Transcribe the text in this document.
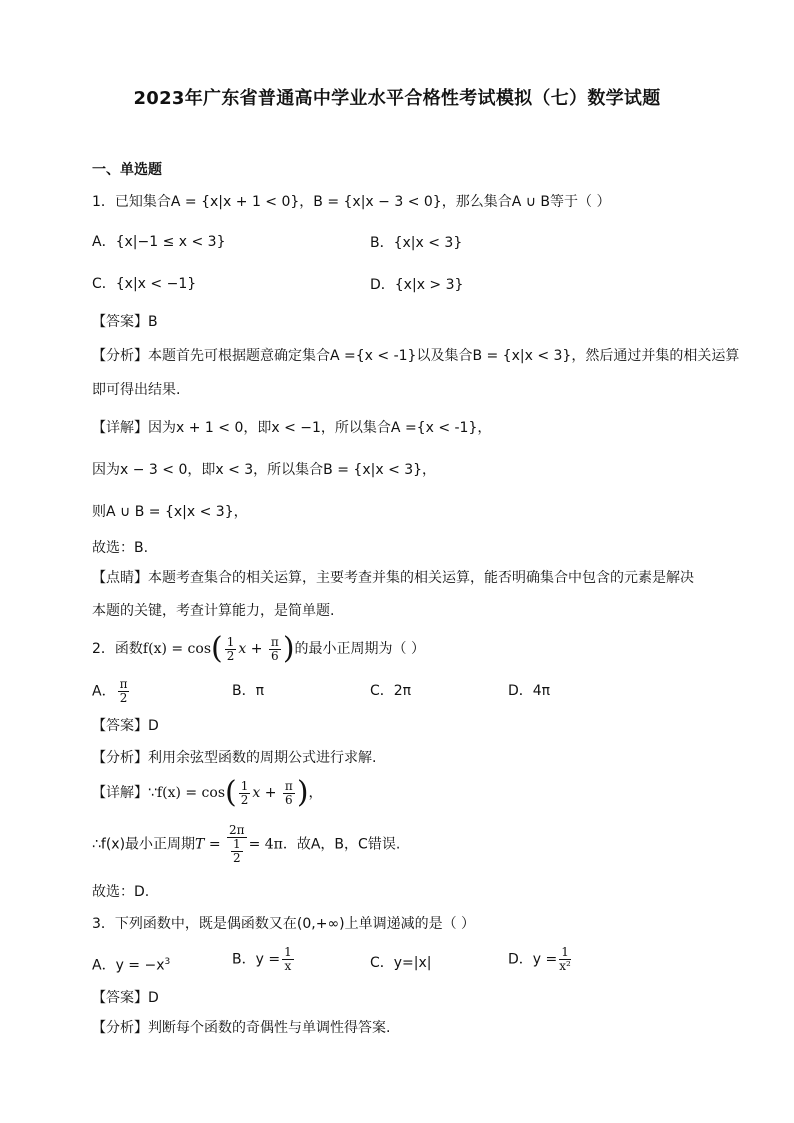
2023年广东省普通高中学业水平合格性考试模拟（七）数学试题
一、单选题
1．已知集合A = {x|x + 1 < 0}，B = {x|x − 3 < 0}，那么集合A ∪ B等于（ ）
A．{x|−1 ≤ x < 3}	B．{x|x < 3}
C．{x|x < −1}	D．{x|x > 3}
【答案】B
【分析】本题首先可根据题意确定集合A ={x < -1}以及集合B = {x|x < 3}，然后通过并集的相关运算
即可得出结果.
【详解】因为x + 1 < 0，即x < −1，所以集合A ={x < -1}，
因为x − 3 < 0，即x < 3，所以集合B = {x|x < 3}，
则A ∪ B = {x|x < 3}，
故选：B.
【点睛】本题考查集合的相关运算，主要考查并集的相关运算，能否明确集合中包含的元素是解决
本题的关键，考查计算能力，是简单题.
2．函数$f(x) = \cos( \frac{1}{2}$ $x + \frac{\pi}{6}$ )的最小正周期为（ ）
A． $\frac{\pi}{2}$	B．π	C．2π	D．4π
【答案】D
【分析】利用余弦型函数的周期公式进行求解.
【详解】∵f(x) = $\cos( \frac{1}{2}$ $x + \frac{\pi}{6}$ )，
∴f(x)最小正周期$T = \frac{2\pi}{\frac{1}{2}} = 4\pi$．故A，B，C错误.
故选：D.
3．下列函数中，既是偶函数又在(0,+∞)上单调递减的是（ ）
A．$y = -x^3$	B．$y = \frac{1}{x}$	C．y=|x|	D．$y = \frac{1}{\text{x²}}$
【答案】D
【分析】判断每个函数的奇偶性与单调性得答案.
